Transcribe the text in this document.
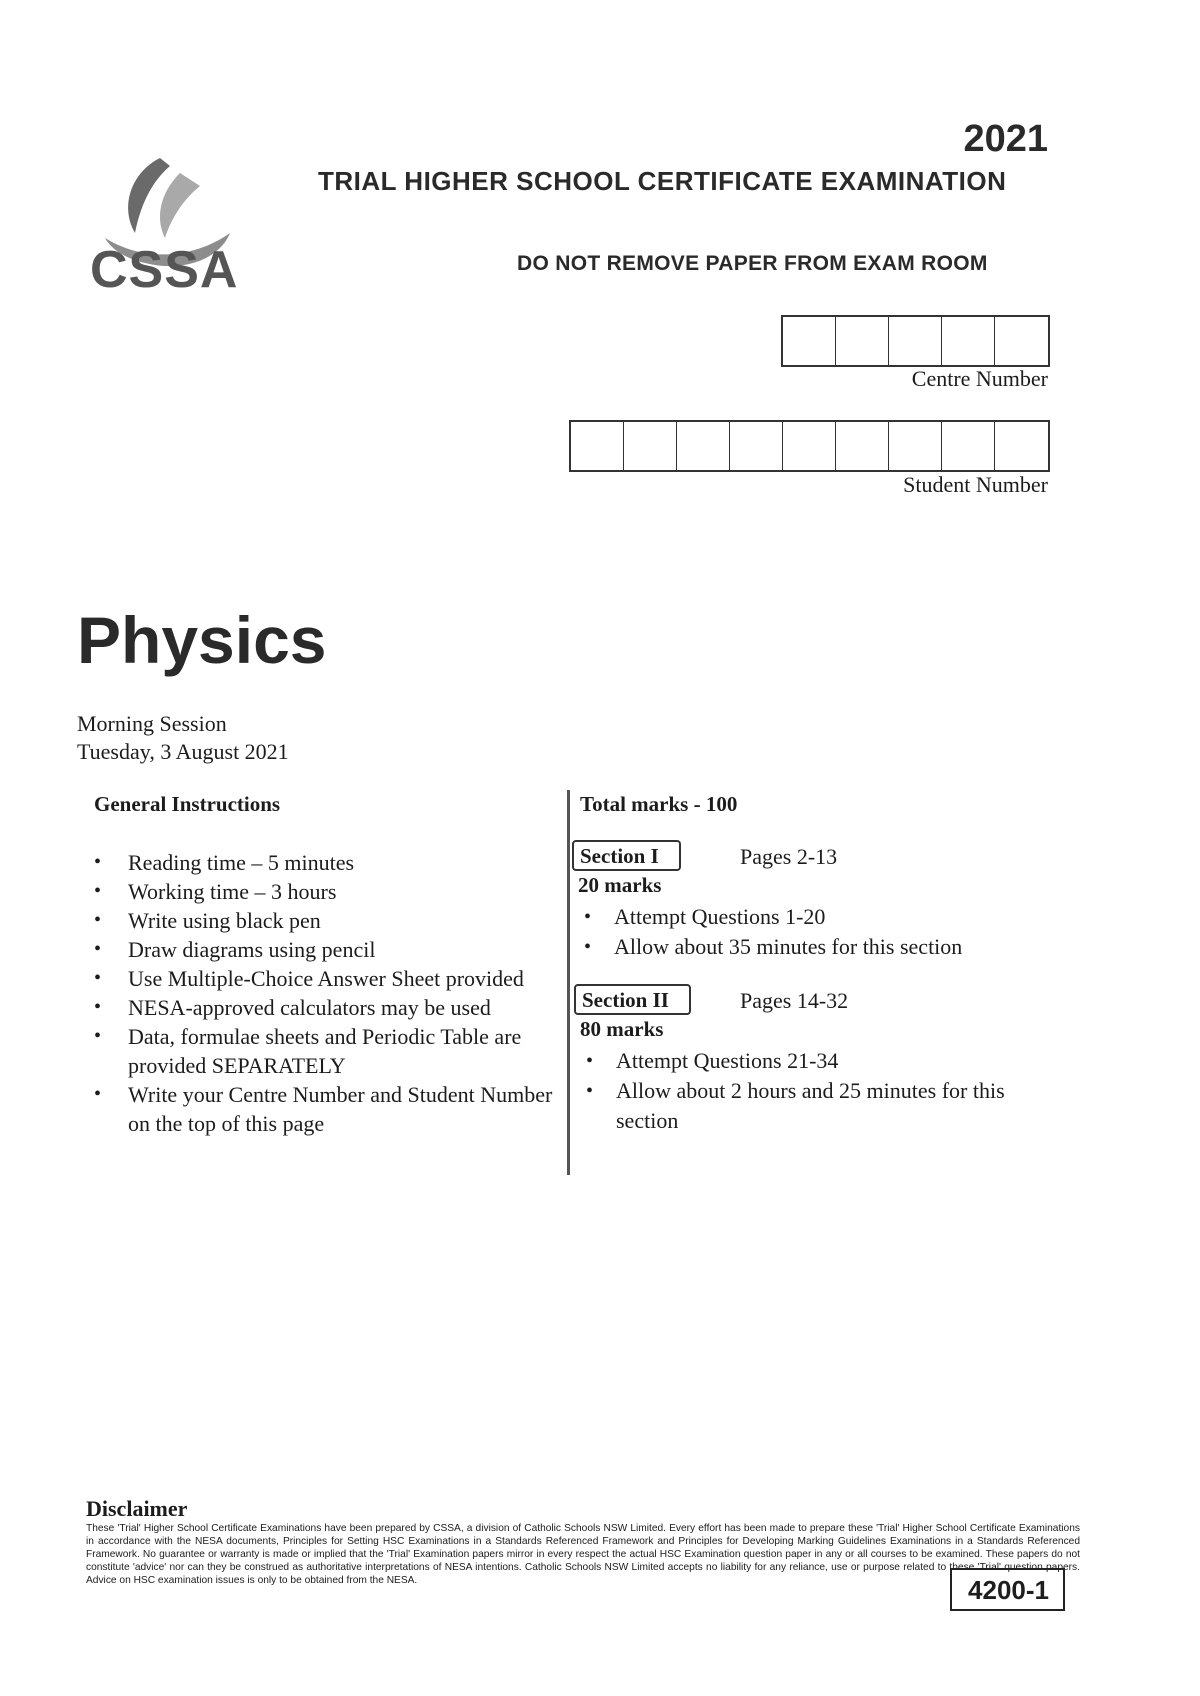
CSSA
2021
TRIAL HIGHER SCHOOL CERTIFICATE EXAMINATION
DO NOT REMOVE PAPER FROM EXAM ROOM
Centre Number
Student Number
Physics
Morning Session
Tuesday, 3 August 2021
General Instructions
• Reading time – 5 minutes
• Working time – 3 hours
• Write using black pen
• Draw diagrams using pencil
• Use Multiple-Choice Answer Sheet provided
• NESA-approved calculators may be used
• Data, formulae sheets and Periodic Table are provided SEPARATELY
• Write your Centre Number and Student Number on the top of this page
Total marks - 100
Section I	Pages 2-13
20 marks
• Attempt Questions 1-20
• Allow about 35 minutes for this section
Section II	Pages 14-32
80 marks
• Attempt Questions 21-34
• Allow about 2 hours and 25 minutes for this section
Disclaimer
These 'Trial' Higher School Certificate Examinations have been prepared by CSSA, a division of Catholic Schools NSW Limited. Every effort has been made to prepare these 'Trial' Higher School Certificate Examinations in accordance with the NESA documents, Principles for Setting HSC Examinations in a Standards Referenced Framework and Principles for Developing Marking Guidelines Examinations in a Standards Referenced Framework. No guarantee or warranty is made or implied that the 'Trial' Examination papers mirror in every respect the actual HSC Examination question paper in any or all courses to be examined. These papers do not constitute 'advice' nor can they be construed as authoritative interpretations of NESA intentions. Catholic Schools NSW Limited accepts no liability for any reliance, use or purpose related to these 'Trial' question papers. Advice on HSC examination issues is only to be obtained from the NESA.	4200-1
